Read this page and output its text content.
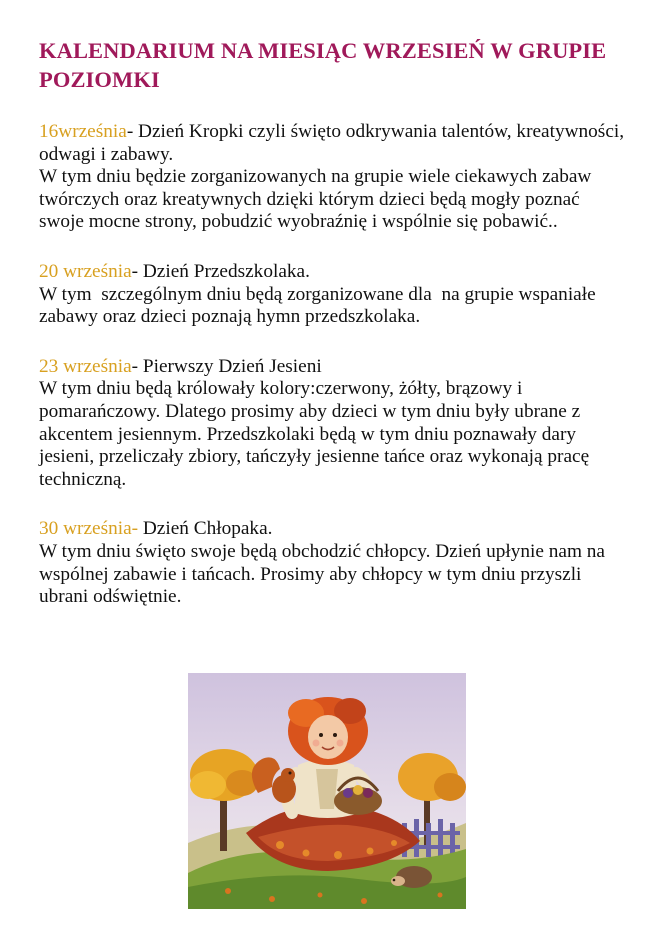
KALENDARIUM NA MIESIĄC WRZESIEŃ W GRUPIE POZIOMKI

16września- Dzień Kropki czyli święto odkrywania talentów, kreatywności, odwagi i zabawy.

W tym dniu będzie zorganizowanych na grupie wiele ciekawych zabaw twórczych oraz kreatywnych dzięki którym dzieci będą mogły poznać swoje mocne strony, pobudzić wyobraźnię i wspólnie się pobawić..

20 września- Dzień Przedszkolaka.

W tym  szczególnym dniu będą zorganizowane dla  na grupie wspaniałe zabawy oraz dzieci poznają hymn przedszkolaka.

23 września- Pierwszy Dzień Jesieni

W tym dniu będą królowały kolory:czerwony, żółty, brązowy i pomarańczowy. Dlatego prosimy aby dzieci w tym dniu były ubrane z akcentem jesiennym. Przedszkolaki będą w tym dniu poznawały dary jesieni, przeliczały zbiory, tańczyły jesienne tańce oraz wykonają pracę techniczną.

30 września- Dzień Chłopaka.

W tym dniu święto swoje będą obchodzić chłopcy. Dzień upłynie nam na wspólnej zabawie i tańcach. Prosimy aby chłopcy w tym dniu przyszli ubrani odświętnie.
